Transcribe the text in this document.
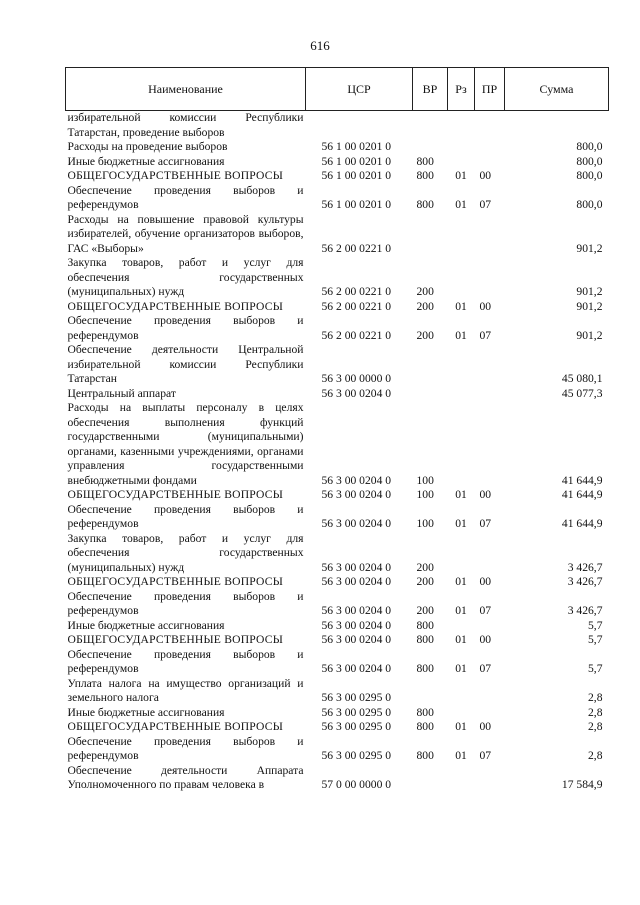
616
Наименование	ЦСР	ВР	Рз	ПР	Сумма
избирательной комиссии Республики Татарстан, проведение выборов					
Расходы на проведение выборов	56 1 00 0201 0				800,0
Иные бюджетные ассигнования	56 1 00 0201 0	800			800,0
ОБЩЕГОСУДАРСТВЕННЫЕ ВОПРОСЫ	56 1 00 0201 0	800	01	00	800,0
Обеспечение проведения выборов и референдумов	56 1 00 0201 0	800	01	07	800,0
Расходы на повышение правовой культуры избирателей, обучение организаторов выборов, ГАС «Выборы»	56 2 00 0221 0				901,2
Закупка товаров, работ и услуг для обеспечения государственных (муниципальных) нужд	56 2 00 0221 0	200			901,2
ОБЩЕГОСУДАРСТВЕННЫЕ ВОПРОСЫ	56 2 00 0221 0	200	01	00	901,2
Обеспечение проведения выборов и референдумов	56 2 00 0221 0	200	01	07	901,2
Обеспечение деятельности Центральной избирательной комиссии Республики Татарстан	56 3 00 0000 0				45 080,1
Центральный аппарат	56 3 00 0204 0				45 077,3
Расходы на выплаты персоналу в целях обеспечения выполнения функций государственными (муниципальными) органами, казенными учреждениями, органами управления государственными внебюджетными фондами	56 3 00 0204 0	100			41 644,9
ОБЩЕГОСУДАРСТВЕННЫЕ ВОПРОСЫ	56 3 00 0204 0	100	01	00	41 644,9
Обеспечение проведения выборов и референдумов	56 3 00 0204 0	100	01	07	41 644,9
Закупка товаров, работ и услуг для обеспечения государственных (муниципальных) нужд	56 3 00 0204 0	200			3 426,7
ОБЩЕГОСУДАРСТВЕННЫЕ ВОПРОСЫ	56 3 00 0204 0	200	01	00	3 426,7
Обеспечение проведения выборов и референдумов	56 3 00 0204 0	200	01	07	3 426,7
Иные бюджетные ассигнования	56 3 00 0204 0	800			5,7
ОБЩЕГОСУДАРСТВЕННЫЕ ВОПРОСЫ	56 3 00 0204 0	800	01	00	5,7
Обеспечение проведения выборов и референдумов	56 3 00 0204 0	800	01	07	5,7
Уплата налога на имущество организаций и земельного налога	56 3 00 0295 0				2,8
Иные бюджетные ассигнования	56 3 00 0295 0	800			2,8
ОБЩЕГОСУДАРСТВЕННЫЕ ВОПРОСЫ	56 3 00 0295 0	800	01	00	2,8
Обеспечение проведения выборов и референдумов	56 3 00 0295 0	800	01	07	2,8
Обеспечение деятельности Аппарата Уполномоченного по правам человека в	57 0 00 0000 0				17 584,9
